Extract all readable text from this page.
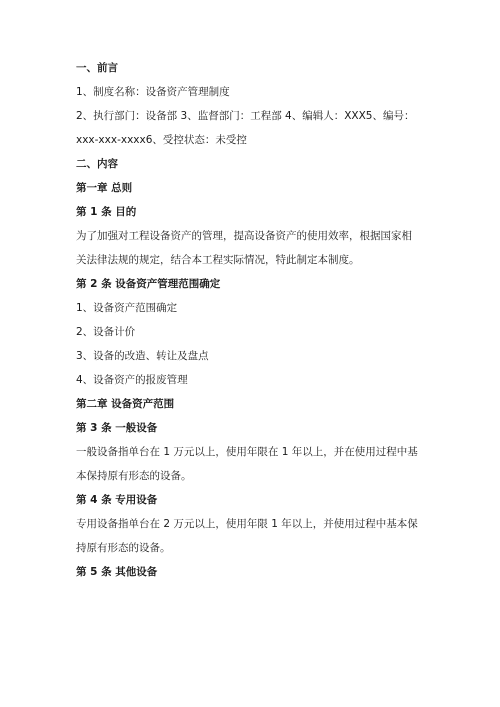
一、前言

1、制度名称：设备资产管理制度

2、执行部门：设备部 3、监督部门：工程部 4、编辑人：XXX5、编号：

xxx-xxx-xxxx6、受控状态：未受控

二、内容

第一章 总则

第 1 条 目的

为了加强对工程设备资产的管理，提高设备资产的使用效率，根据国家相

关法律法规的规定，结合本工程实际情况，特此制定本制度。

第 2 条 设备资产管理范围确定

1、设备资产范围确定

2、设备计价

3、设备的改造、转让及盘点

4、设备资产的报废管理

第二章 设备资产范围

第 3 条 一般设备

一般设备指单台在 1 万元以上，使用年限在 1 年以上，并在使用过程中基

本保持原有形态的设备。

第 4 条 专用设备

专用设备指单台在 2 万元以上，使用年限 1 年以上，并使用过程中基本保

持原有形态的设备。

第 5 条 其他设备
